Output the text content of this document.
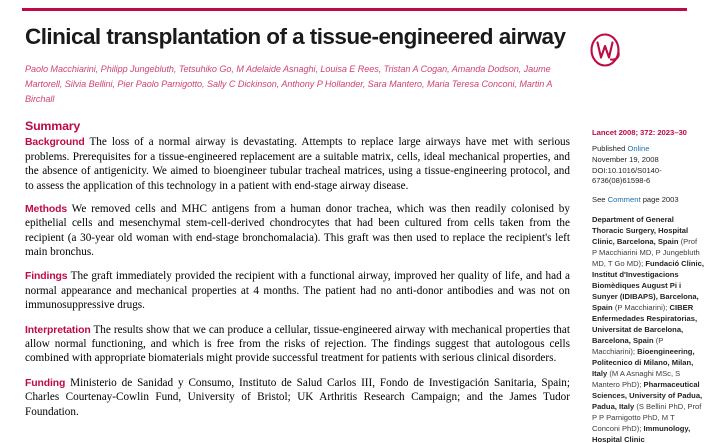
Clinical transplantation of a tissue-engineered airway
Paolo Macchiarini, Philipp Jungebluth, Tetsuhiko Go, M Adelaide Asnaghi, Louisa E Rees, Tristan A Cogan, Amanda Dodson, Jaume Martorell, Silvia Bellini, Pier Paolo Parnigotto, Sally C Dickinson, Anthony P Hollander, Sara Mantero, Maria Teresa Conconi, Martin A Birchall
Summary

Background The loss of a normal airway is devastating. Attempts to replace large airways have met with serious problems. Prerequisites for a tissue-engineered replacement are a suitable matrix, cells, ideal mechanical properties, and the absence of antigenicity. We aimed to bioengineer tubular tracheal matrices, using a tissue-engineering protocol, and to assess the application of this technology in a patient with end-stage airway disease.

Methods We removed cells and MHC antigens from a human donor trachea, which was then readily colonised by epithelial cells and mesenchymal stem-cell-derived chondrocytes that had been cultured from cells taken from the recipient (a 30-year old woman with end-stage bronchomalacia). This graft was then used to replace the recipient's left main bronchus.

Findings The graft immediately provided the recipient with a functional airway, improved her quality of life, and had a normal appearance and mechanical properties at 4 months. The patient had no anti-donor antibodies and was not on immunosuppressive drugs.

Interpretation The results show that we can produce a cellular, tissue-engineered airway with mechanical properties that allow normal functioning, and which is free from the risks of rejection. The findings suggest that autologous cells combined with appropriate biomaterials might provide successful treatment for patients with serious clinical disorders.

Funding Ministerio de Sanidad y Consumo, Instituto de Salud Carlos III, Fondo de Investigación Sanitaria, Spain; Charles Courtenay-Cowlin Fund, University of Bristol; UK Arthritis Research Campaign; and the James Tudor Foundation.

Lancet 2008; 372: 2023–30
Published Online
November 19, 2008
DOI:10.1016/S0140-
6736(08)61598-6
See Comment page 2003
Department of General Thoracic Surgery, Hospital Clinic, Barcelona, Spain (Prof P Macchiarini MD, P Jungebluth MD, T Go MD); Fundació Clinic, Institut d'Investigacions Biomèdiques August Pi i Sunyer (IDIBAPS), Barcelona, Spain (P Macchiarini); CIBER Enfermedades Respiratorias, Universitat de Barcelona, Barcelona, Spain (P Macchiarini); Bioengineering, Politecnico di Milano, Milan, Italy (M A Asnaghi MSc, S Mantero PhD); Pharmaceutical Sciences, University of Padua, Padua, Italy (S Bellini PhD, Prof P P Parnigotto PhD, M T Conconi PhD); Immunology, Hospital Clinic
